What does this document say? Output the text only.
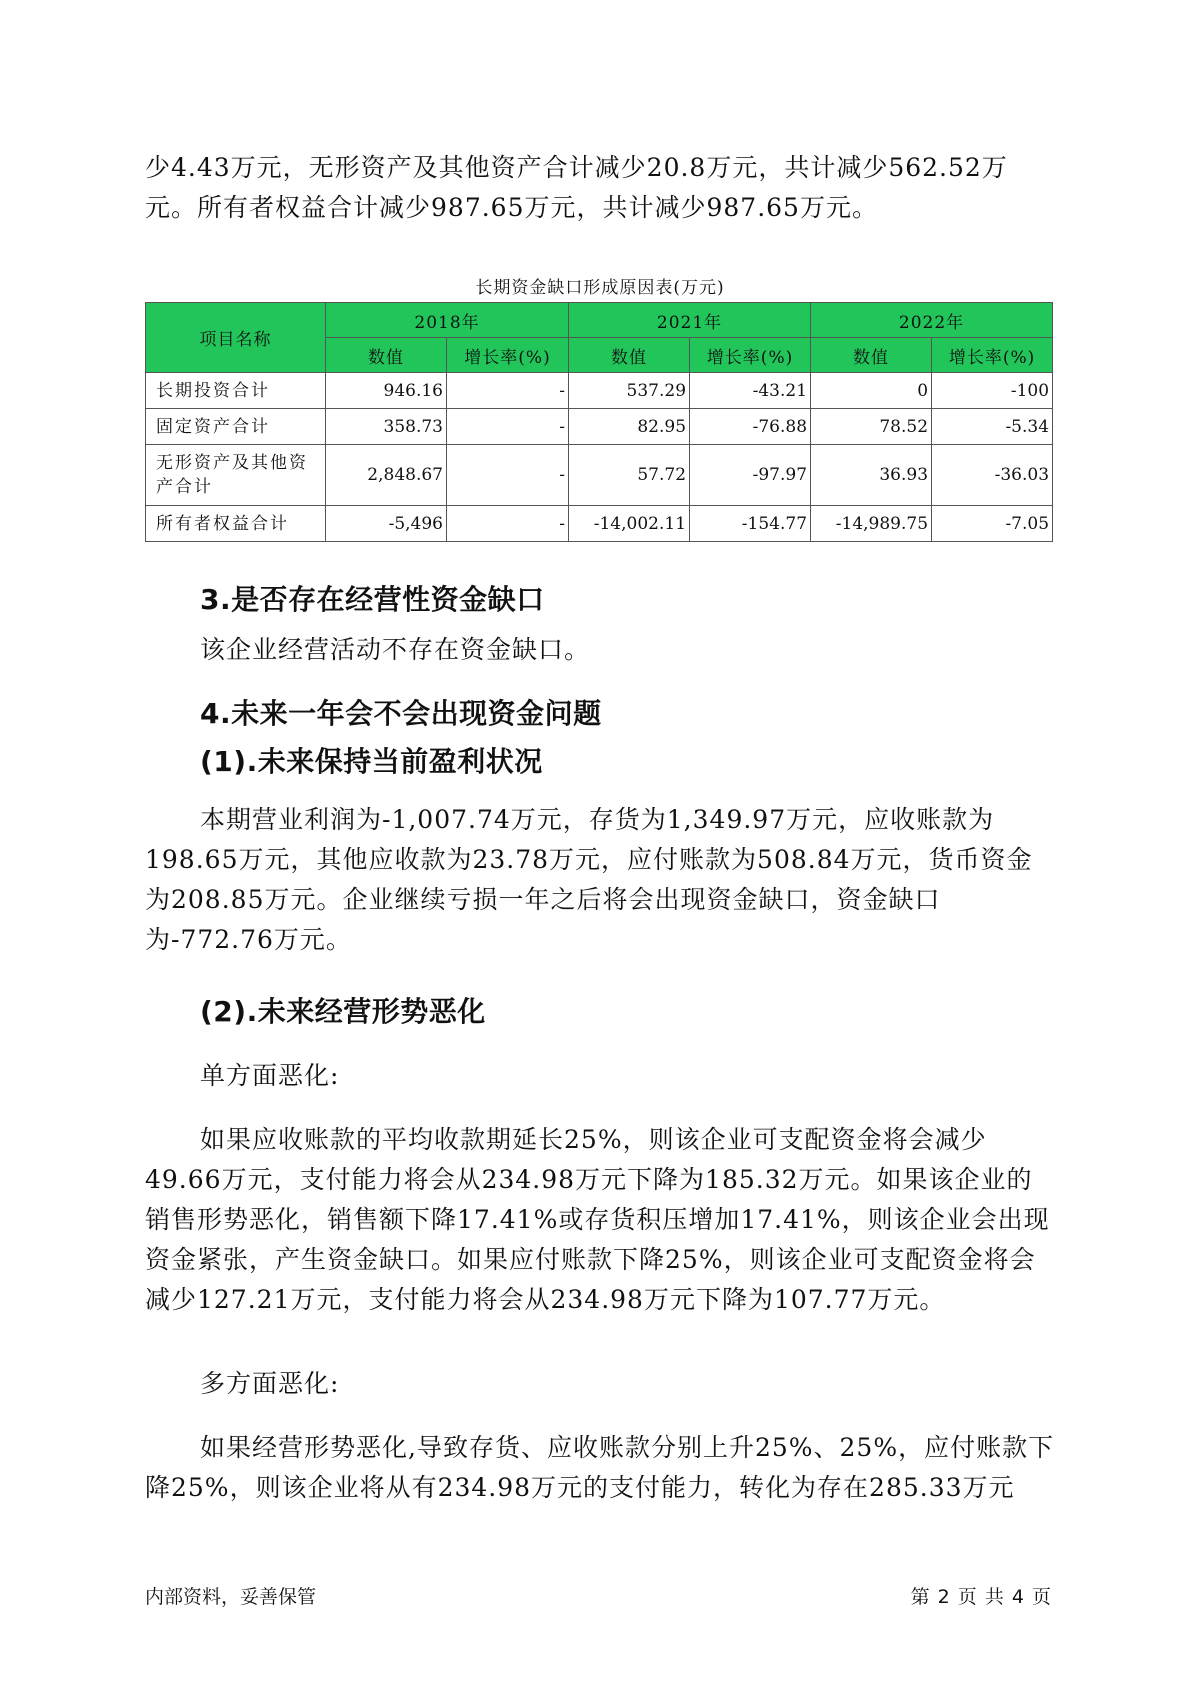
少4.43万元，无形资产及其他资产合计减少20.8万元，共计减少562.52万元。所有者权益合计减少987.65万元，共计减少987.65万元。

长期资金缺口形成原因表(万元)
项目名称	2018年		2021年		2022年	
	数值	增长率(%)	数值	增长率(%)	数值	增长率(%)
长期投资合计	946.16	-	537.29	-43.21	0	-100
固定资产合计	358.73	-	82.95	-76.88	78.52	-5.34
无形资产及其他资产合计	2,848.67	-	57.72	-97.97	36.93	-36.03
所有者权益合计	-5,496	-	-14,002.11	-154.77	-14,989.75	-7.05
3.是否存在经营性资金缺口

该企业经营活动不存在资金缺口。

4.未来一年会不会出现资金问题
(1).未来保持当前盈利状况

本期营业利润为-1,007.74万元，存货为1,349.97万元，应收账款为198.65万元，其他应收款为23.78万元，应付账款为508.84万元，货币资金为208.85万元。企业继续亏损一年之后将会出现资金缺口，资金缺口为-772.76万元。

(2).未来经营形势恶化

单方面恶化:

如果应收账款的平均收款期延长25%，则该企业可支配资金将会减少49.66万元，支付能力将会从234.98万元下降为185.32万元。如果该企业的销售形势恶化，销售额下降17.41%或存货积压增加17.41%，则该企业会出现资金紧张，产生资金缺口。如果应付账款下降25%，则该企业可支配资金将会减少127.21万元，支付能力将会从234.98万元下降为107.77万元。

多方面恶化:

如果经营形势恶化,导致存货、应收账款分别上升25%、25%，应付账款下降25%，则该企业将从有234.98万元的支付能力，转化为存在285.33万元

内部资料，妥善保管	第 2 页 共 4 页
